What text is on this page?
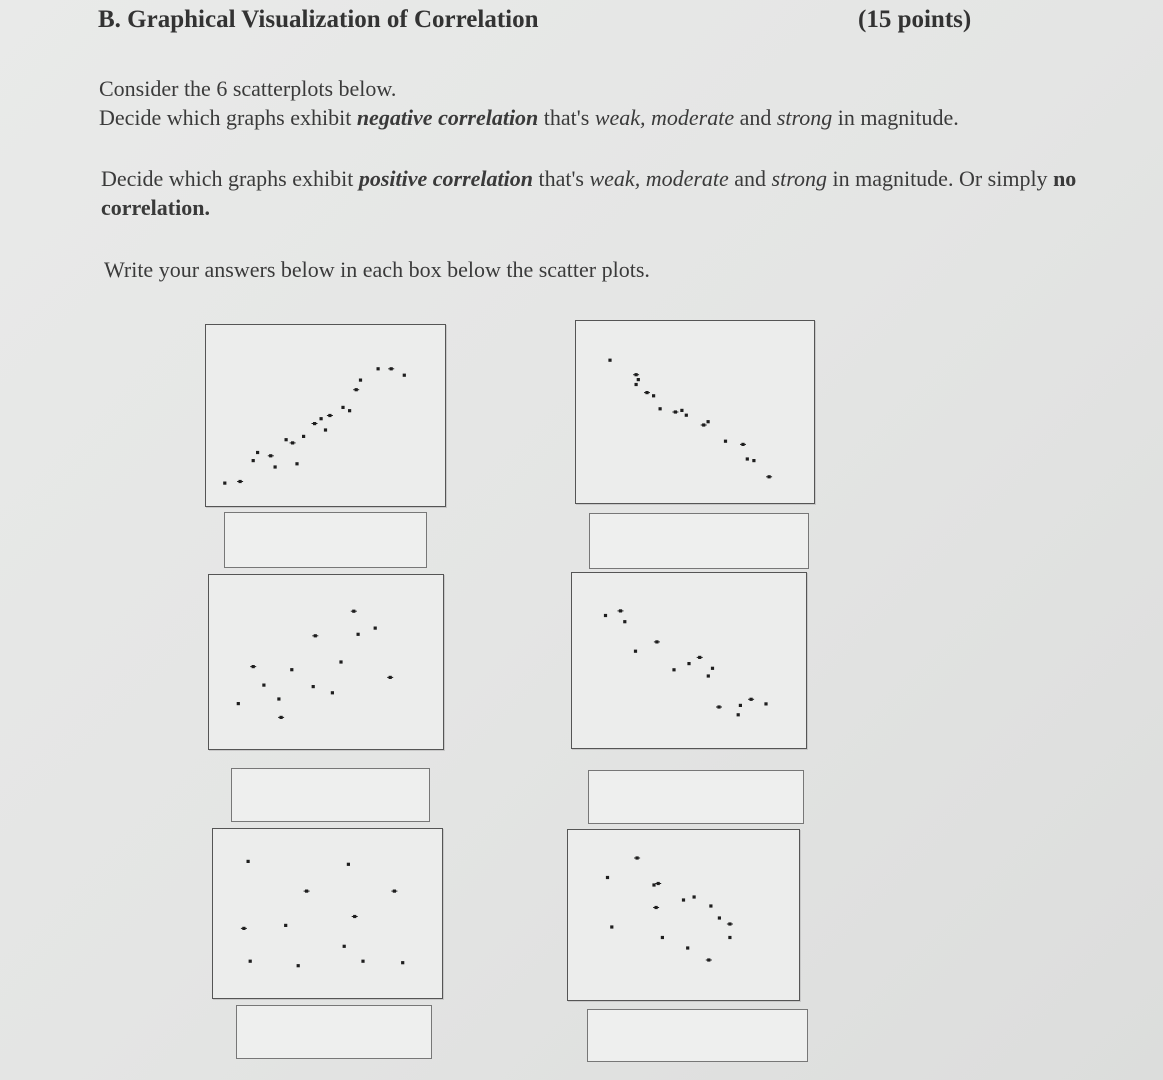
B. Graphical Visualization of Correlation	(15 points)
Consider the 6 scatterplots below.
Decide which graphs exhibit negative correlation that's weak, moderate and strong in magnitude.
Decide which graphs exhibit positive correlation that's weak, moderate and strong in magnitude. Or simply no correlation.
Write your answers below in each box below the scatter plots.
